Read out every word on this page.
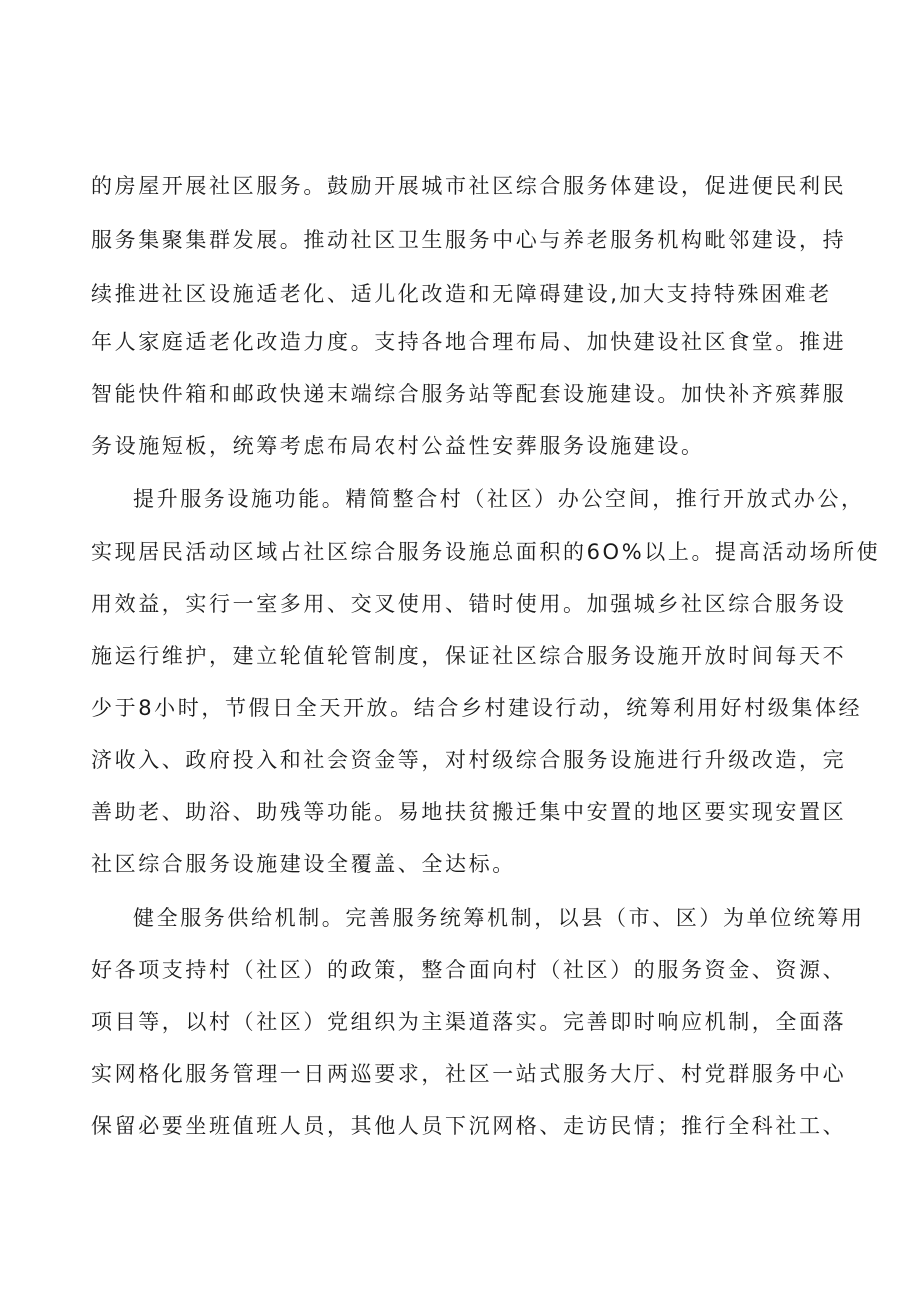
的房屋开展社区服务。鼓励开展城市社区综合服务体建设，促进便民利民
服务集聚集群发展。推动社区卫生服务中心与养老服务机构毗邻建设，持
续推进社区设施适老化、适儿化改造和无障碍建设,加大支持特殊困难老
年人家庭适老化改造力度。支持各地合理布局、加快建设社区食堂。推进
智能快件箱和邮政快递末端综合服务站等配套设施建设。加快补齐殡葬服
务设施短板，统筹考虑布局农村公益性安葬服务设施建设。
提升服务设施功能。精简整合村（社区）办公空间，推行开放式办公，
实现居民活动区域占社区综合服务设施总面积的6O%以上。提高活动场所使
用效益，实行一室多用、交叉使用、错时使用。加强城乡社区综合服务设
施运行维护，建立轮值轮管制度，保证社区综合服务设施开放时间每天不
少于8小时，节假日全天开放。结合乡村建设行动，统筹利用好村级集体经
济收入、政府投入和社会资金等，对村级综合服务设施进行升级改造，完
善助老、助浴、助残等功能。易地扶贫搬迁集中安置的地区要实现安置区
社区综合服务设施建设全覆盖、全达标。
健全服务供给机制。完善服务统筹机制，以县（市、区）为单位统筹用
好各项支持村（社区）的政策，整合面向村（社区）的服务资金、资源、
项目等，以村（社区）党组织为主渠道落实。完善即时响应机制，全面落
实网格化服务管理一日两巡要求，社区一站式服务大厅、村党群服务中心
保留必要坐班值班人员，其他人员下沉网格、走访民情；推行全科社工、
